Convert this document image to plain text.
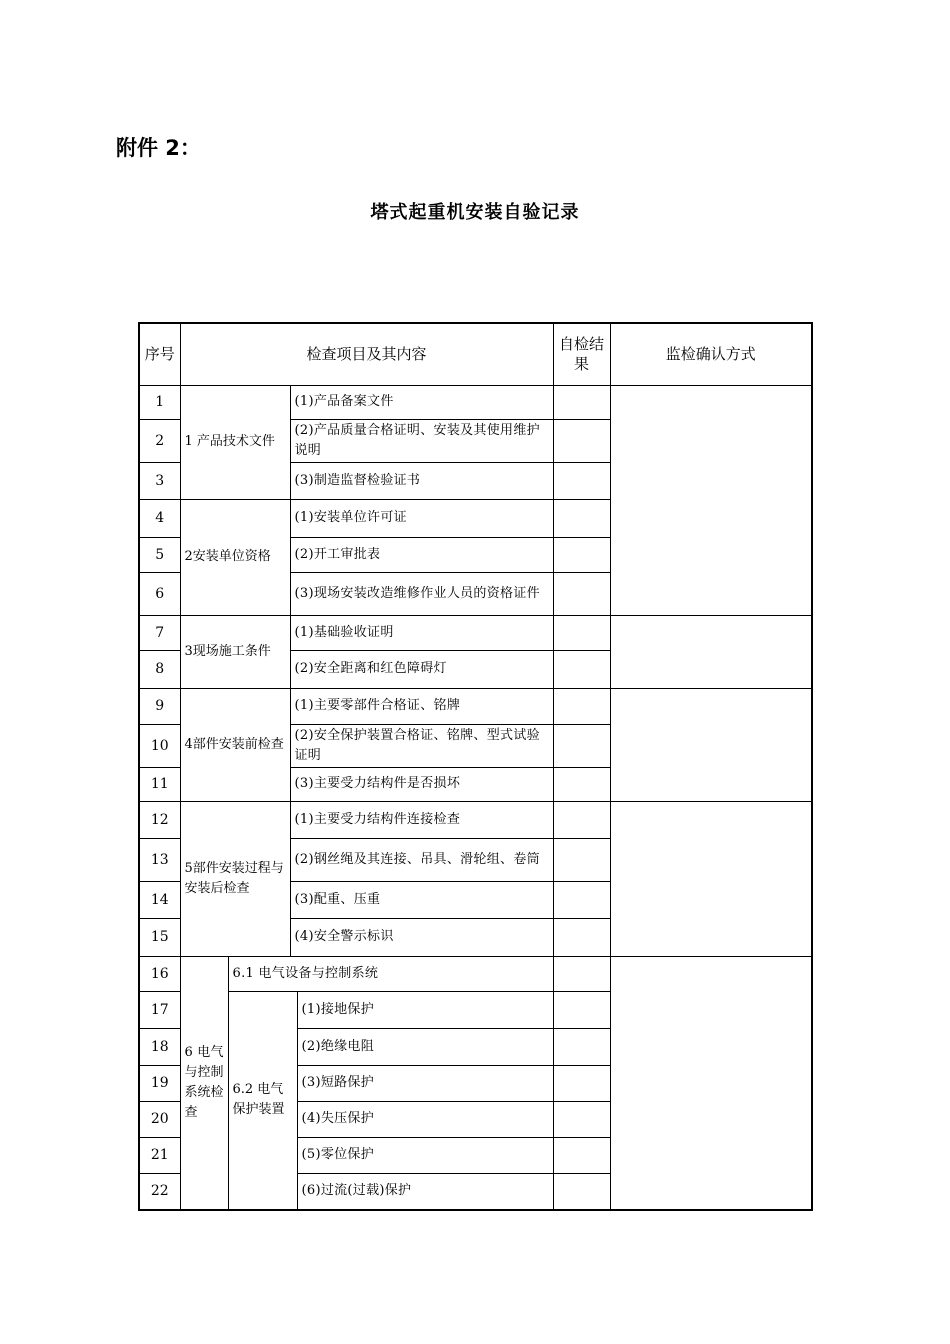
附件 2：
塔式起重机安装自验记录
序号	检查项目及其内容				自检结果	监检确认方式
1	1 产品技术文件		(1)产品备案文件			
2			(2)产品质量合格证明、安装及其使用维护说明			
3			(3)制造监督检验证书			
4	2安装单位资格		(1)安装单位许可证			
5			(2)开工审批表			
6			(3)现场安装改造维修作业人员的资格证件			
7	3现场施工条件		(1)基础验收证明			
8			(2)安全距离和红色障碍灯			
9	4部件安装前检查		(1)主要零部件合格证、铭牌			
10			(2)安全保护装置合格证、铭牌、型式试验证明			
11			(3)主要受力结构件是否损坏			
12	5部件安装过程与安装后检查		(1)主要受力结构件连接检查			
13			(2)钢丝绳及其连接、吊具、滑轮组、卷筒			
14			(3)配重、压重			
15			(4)安全警示标识			
16	6 电气与控制系统检查	6.1 电气设备与控制系统				
17		6.2 电气保护装置		(1)接地保护		
18				(2)绝缘电阻		
19				(3)短路保护		
20				(4)失压保护		
21				(5)零位保护		
22				(6)过流(过载)保护		
